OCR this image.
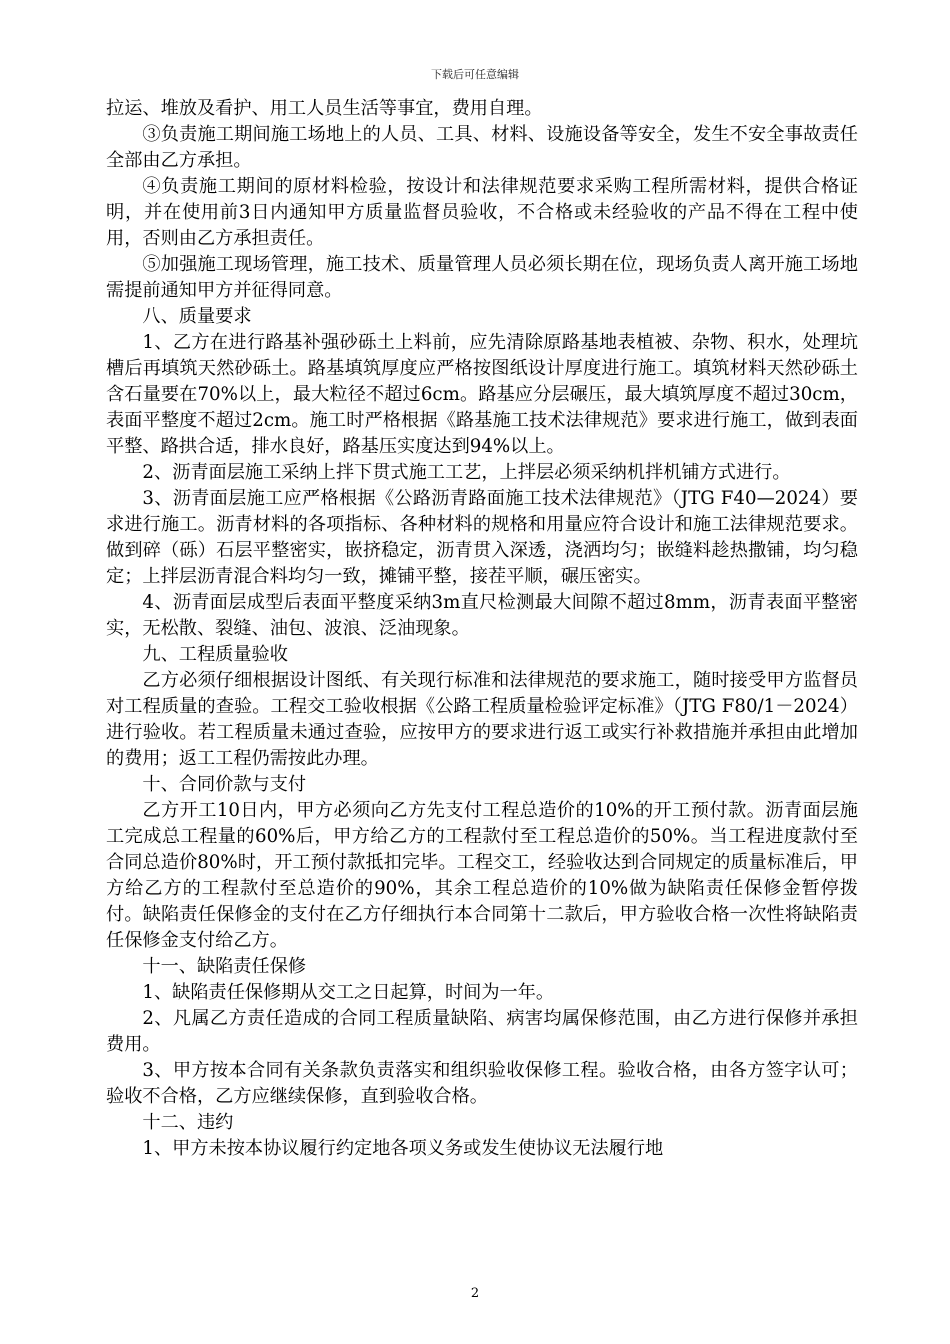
下载后可任意编辑

拉运、堆放及看护、用工人员生活等事宜，费用自理。

③负责施工期间施工场地上的人员、工具、材料、设施设备等安全，发生不安全事故责任全部由乙方承担。

④负责施工期间的原材料检验，按设计和法律规范要求采购工程所需材料，提供合格证明，并在使用前3日内通知甲方质量监督员验收，不合格或未经验收的产品不得在工程中使用，否则由乙方承担责任。

⑤加强施工现场管理，施工技术、质量管理人员必须长期在位，现场负责人离开施工场地需提前通知甲方并征得同意。

八、质量要求

1、乙方在进行路基补强砂砾土上料前，应先清除原路基地表植被、杂物、积水，处理坑槽后再填筑天然砂砾土。路基填筑厚度应严格按图纸设计厚度进行施工。填筑材料天然砂砾土含石量要在70%以上，最大粒径不超过6cm。路基应分层碾压，最大填筑厚度不超过30cm，表面平整度不超过2cm。施工时严格根据《路基施工技术法律规范》要求进行施工，做到表面平整、路拱合适，排水良好，路基压实度达到94%以上。

2、沥青面层施工采纳上拌下贯式施工工艺，上拌层必须采纳机拌机铺方式进行。

3、沥青面层施工应严格根据《公路沥青路面施工技术法律规范》（JTG F40—2024）要求进行施工。沥青材料的各项指标、各种材料的规格和用量应符合设计和施工法律规范要求。做到碎（砾）石层平整密实，嵌挤稳定，沥青贯入深透，浇洒均匀；嵌缝料趁热撒铺，均匀稳定；上拌层沥青混合料均匀一致，摊铺平整，接茬平顺，碾压密实。

4、沥青面层成型后表面平整度采纳3m直尺检测最大间隙不超过8mm，沥青表面平整密实，无松散、裂缝、油包、波浪、泛油现象。

九、工程质量验收

乙方必须仔细根据设计图纸、有关现行标准和法律规范的要求施工，随时接受甲方监督员对工程质量的查验。工程交工验收根据《公路工程质量检验评定标准》（JTG F80/1－2024）进行验收。若工程质量未通过查验，应按甲方的要求进行返工或实行补救措施并承担由此增加的费用；返工工程仍需按此办理。

十、合同价款与支付

乙方开工10日内，甲方必须向乙方先支付工程总造价的10%的开工预付款。沥青面层施工完成总工程量的60%后，甲方给乙方的工程款付至工程总造价的50%。当工程进度款付至合同总造价80%时，开工预付款抵扣完毕。工程交工，经验收达到合同规定的质量标准后，甲方给乙方的工程款付至总造价的90%，其余工程总造价的10%做为缺陷责任保修金暂停拨付。缺陷责任保修金的支付在乙方仔细执行本合同第十二款后，甲方验收合格一次性将缺陷责任保修金支付给乙方。

十一、缺陷责任保修

1、缺陷责任保修期从交工之日起算，时间为一年。

2、凡属乙方责任造成的合同工程质量缺陷、病害均属保修范围，由乙方进行保修并承担费用。

3、甲方按本合同有关条款负责落实和组织验收保修工程。验收合格，由各方签字认可；验收不合格，乙方应继续保修，直到验收合格。

十二、违约

1、甲方未按本协议履行约定地各项义务或发生使协议无法履行地

2
